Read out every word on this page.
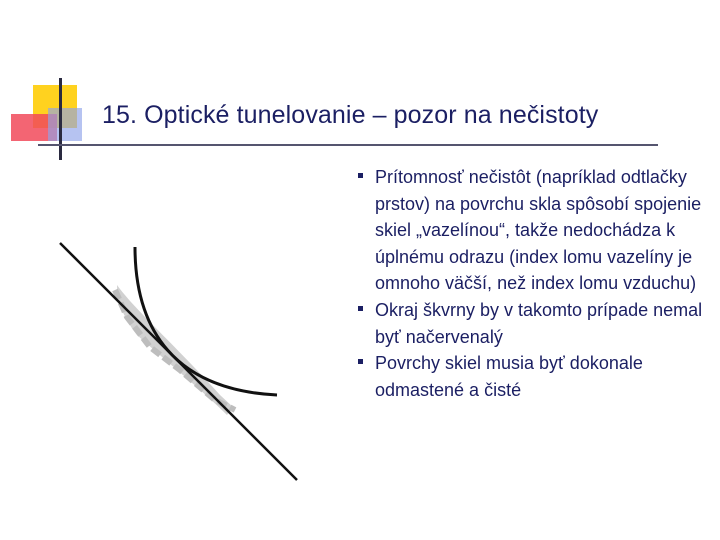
15. Optické tunelovanie – pozor na nečistoty
Prítomnosť nečistôt (napríklad odtlačky prstov) na povrchu skla spôsobí spojenie skiel „vazelínou“, takže nedochádza k úplnému odrazu (index lomu vazelíny je omnoho väčší, než index lomu vzduchu)
Okraj škvrny by v takomto prípade nemal byť načervenalý
Povrchy skiel musia byť dokonale odmastené a čisté
